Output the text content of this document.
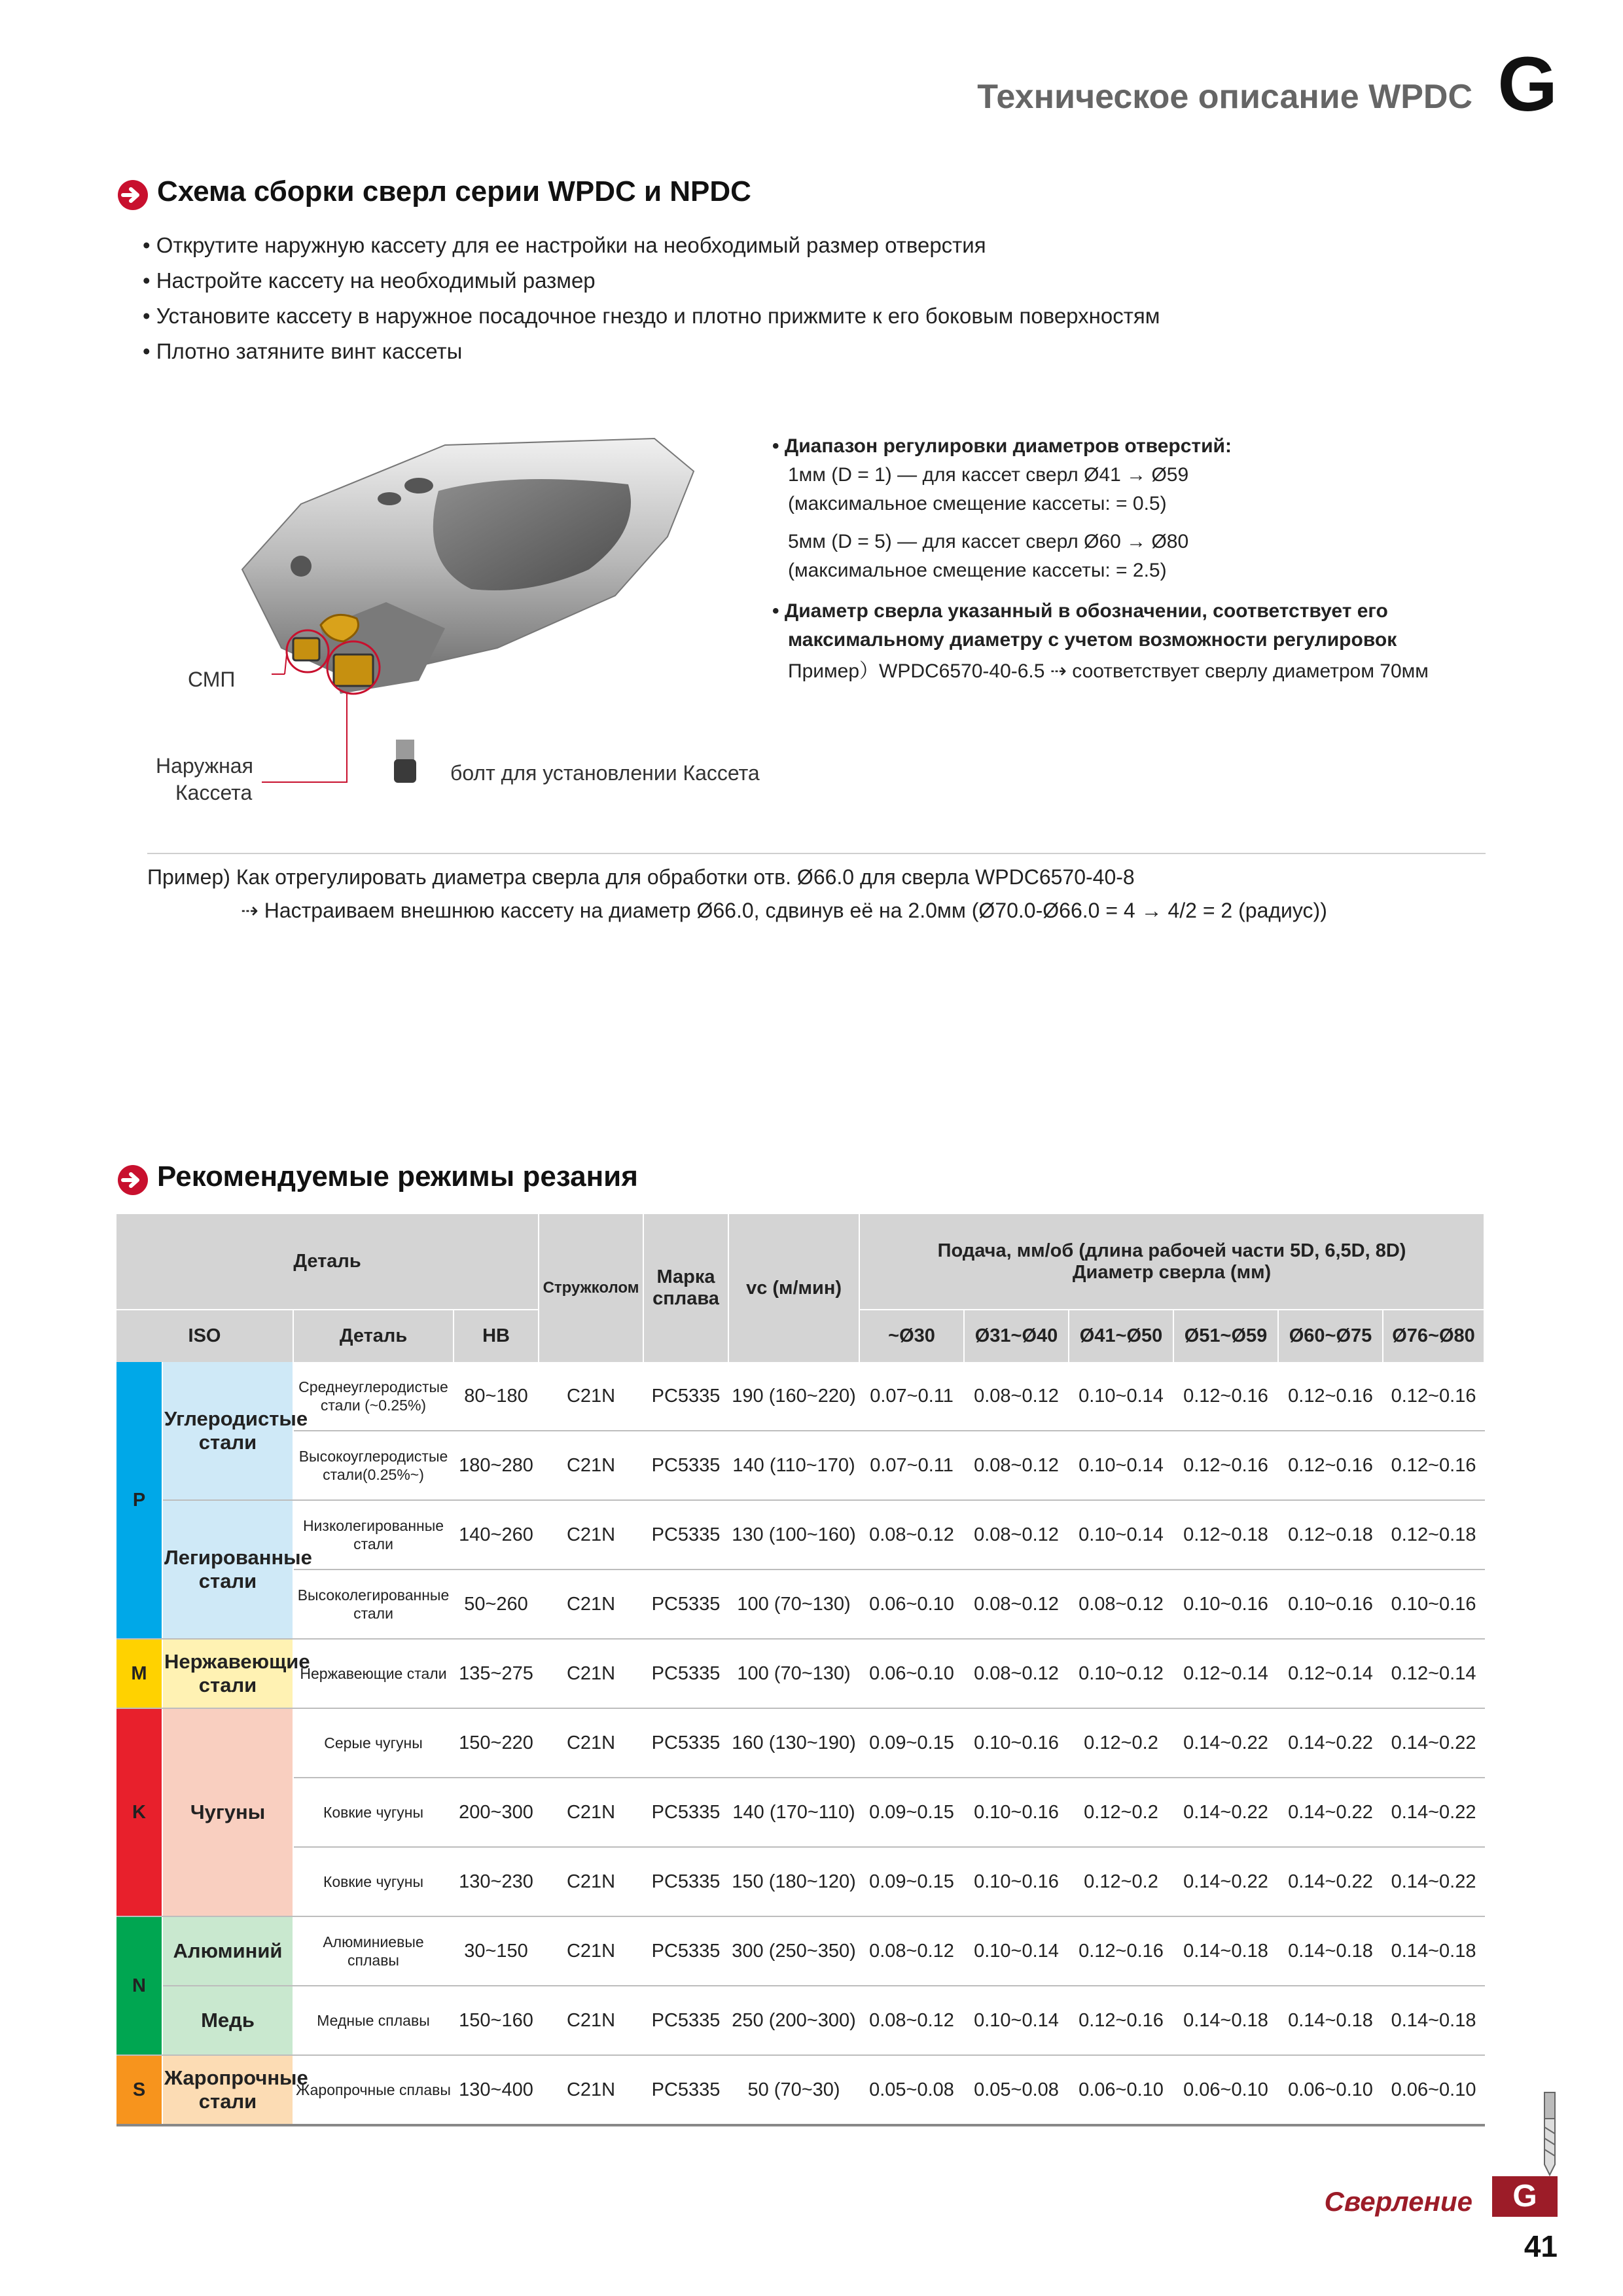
Техническое описание WPDC G
Схема сборки сверл серии WPDC и NPDC
• Открутите наружную кассету для ее настройки на необходимый размер отверстия
• Настройте кассету на необходимый размер
• Установите кассету в наружное посадочное гнездо и плотно прижмите к его боковым поверхностям
• Плотно затяните винт кассеты
СМП
Наружная
Кассета
болт для установлении Кассета
• Диапазон регулировки диаметров отверстий:
1мм (D = 1) — для кассет сверл Ø41 → Ø59
(максимальное смещение кассеты: = 0.5)
5мм (D = 5) — для кассет сверл Ø60 → Ø80
(максимальное смещение кассеты: = 2.5)
• Диаметр сверла указанный в обозначении, соответствует его
максимальному диаметру с учетом возможности регулировок
Пример）WPDC6570-40-6.5 ⇢ соответствует сверлу диаметром 70мм
Пример) Как отрегулировать диаметра сверла для обработки отв. Ø66.0 для сверла WPDC6570-40-8
⇢ Настраиваем внешнюю кассету на диаметр Ø66.0, сдвинув её на 2.0мм (Ø70.0-Ø66.0 = 4 → 4/2 = 2 (радиус))
Рекомендуемые режимы резания
Деталь				Стружколом	Марка сплава	vc (м/мин)	Подача, мм/об (длина рабочей части 5D, 6,5D, 8D)
Диаметр сверла (мм)					

ISO		Деталь	HB				~Ø30	Ø31~Ø40	Ø41~Ø50	Ø51~Ø59	Ø60~Ø75	Ø76~Ø80
P	Углеродистые стали	Среднеуглеродистые стали (~0.25%)	80~180	C21N	PC5335	190 (160~220)	0.07~0.11	0.08~0.12	0.10~0.14	0.12~0.16	0.12~0.16	0.12~0.16
		Высокоуглеродистые стали(0.25%~)	180~280	C21N	PC5335	140 (110~170)	0.07~0.11	0.08~0.12	0.10~0.14	0.12~0.16	0.12~0.16	0.12~0.16
	Легированные стали	Низколегированные стали	140~260	C21N	PC5335	130 (100~160)	0.08~0.12	0.08~0.12	0.10~0.14	0.12~0.18	0.12~0.18	0.12~0.18
		Высоколегированные стали	50~260	C21N	PC5335	100 (70~130)	0.06~0.10	0.08~0.12	0.08~0.12	0.10~0.16	0.10~0.16	0.10~0.16
M	Нержавеющие стали	Нержавеющие стали	135~275	C21N	PC5335	100 (70~130)	0.06~0.10	0.08~0.12	0.10~0.12	0.12~0.14	0.12~0.14	0.12~0.14
K	Чугуны	Серые чугуны	150~220	C21N	PC5335	160 (130~190)	0.09~0.15	0.10~0.16	0.12~0.2	0.14~0.22	0.14~0.22	0.14~0.22
		Ковкие чугуны	200~300	C21N	PC5335	140 (170~110)	0.09~0.15	0.10~0.16	0.12~0.2	0.14~0.22	0.14~0.22	0.14~0.22
		Ковкие чугуны	130~230	C21N	PC5335	150 (180~120)	0.09~0.15	0.10~0.16	0.12~0.2	0.14~0.22	0.14~0.22	0.14~0.22
N	Алюминий	Алюминиевые сплавы	30~150	C21N	PC5335	300 (250~350)	0.08~0.12	0.10~0.14	0.12~0.16	0.14~0.18	0.14~0.18	0.14~0.18
	Медь	Медные сплавы	150~160	C21N	PC5335	250 (200~300)	0.08~0.12	0.10~0.14	0.12~0.16	0.14~0.18	0.14~0.18	0.14~0.18
S	Жаропрочные стали	Жаропрочные сплавы	130~400	C21N	PC5335	50 (70~30)	0.05~0.08	0.05~0.08	0.06~0.10	0.06~0.10	0.06~0.10	0.06~0.10
Сверление	G
41
